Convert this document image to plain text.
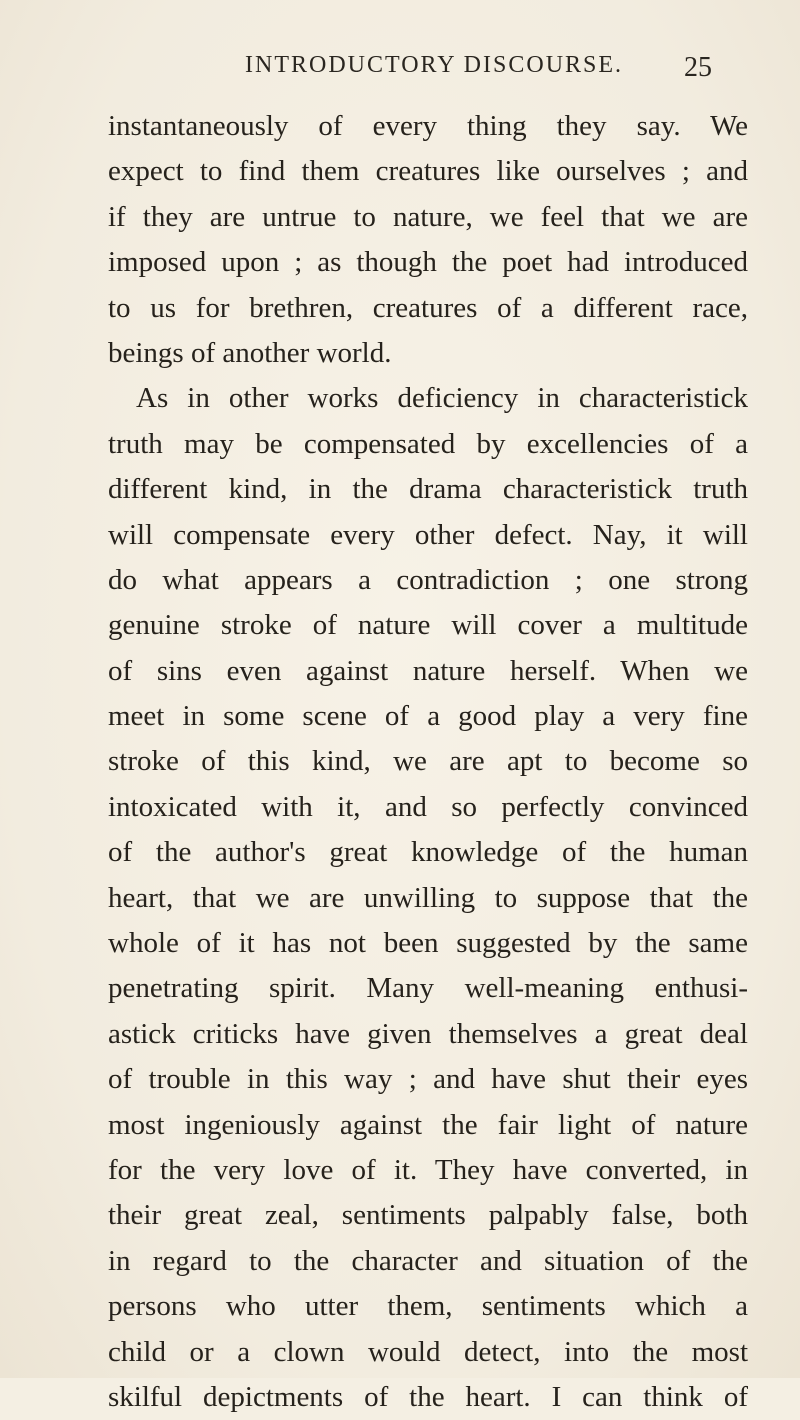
INTRODUCTORY DISCOURSE. 25
instantaneously of every thing they say. We
expect to find them creatures like ourselves ; and
if they are untrue to nature, we feel that we are
imposed upon ; as though the poet had introduced
to us for brethren, creatures of a different race,
beings of another world.
As in other works deficiency in characteristick
truth may be compensated by excellencies of a
different kind, in the drama characteristick truth
will compensate every other defect. Nay, it will
do what appears a contradiction ; one strong
genuine stroke of nature will cover a multitude
of sins even against nature herself. When we
meet in some scene of a good play a very fine
stroke of this kind, we are apt to become so
intoxicated with it, and so perfectly convinced
of the author's great knowledge of the human
heart, that we are unwilling to suppose that the
whole of it has not been suggested by the same
penetrating spirit. Many well-meaning enthusi-
astick criticks have given themselves a great deal
of trouble in this way ; and have shut their eyes
most ingeniously against the fair light of nature
for the very love of it. They have converted, in
their great zeal, sentiments palpably false, both
in regard to the character and situation of the
persons who utter them, sentiments which a
child or a clown would detect, into the most
skilful depictments of the heart. I can think of
